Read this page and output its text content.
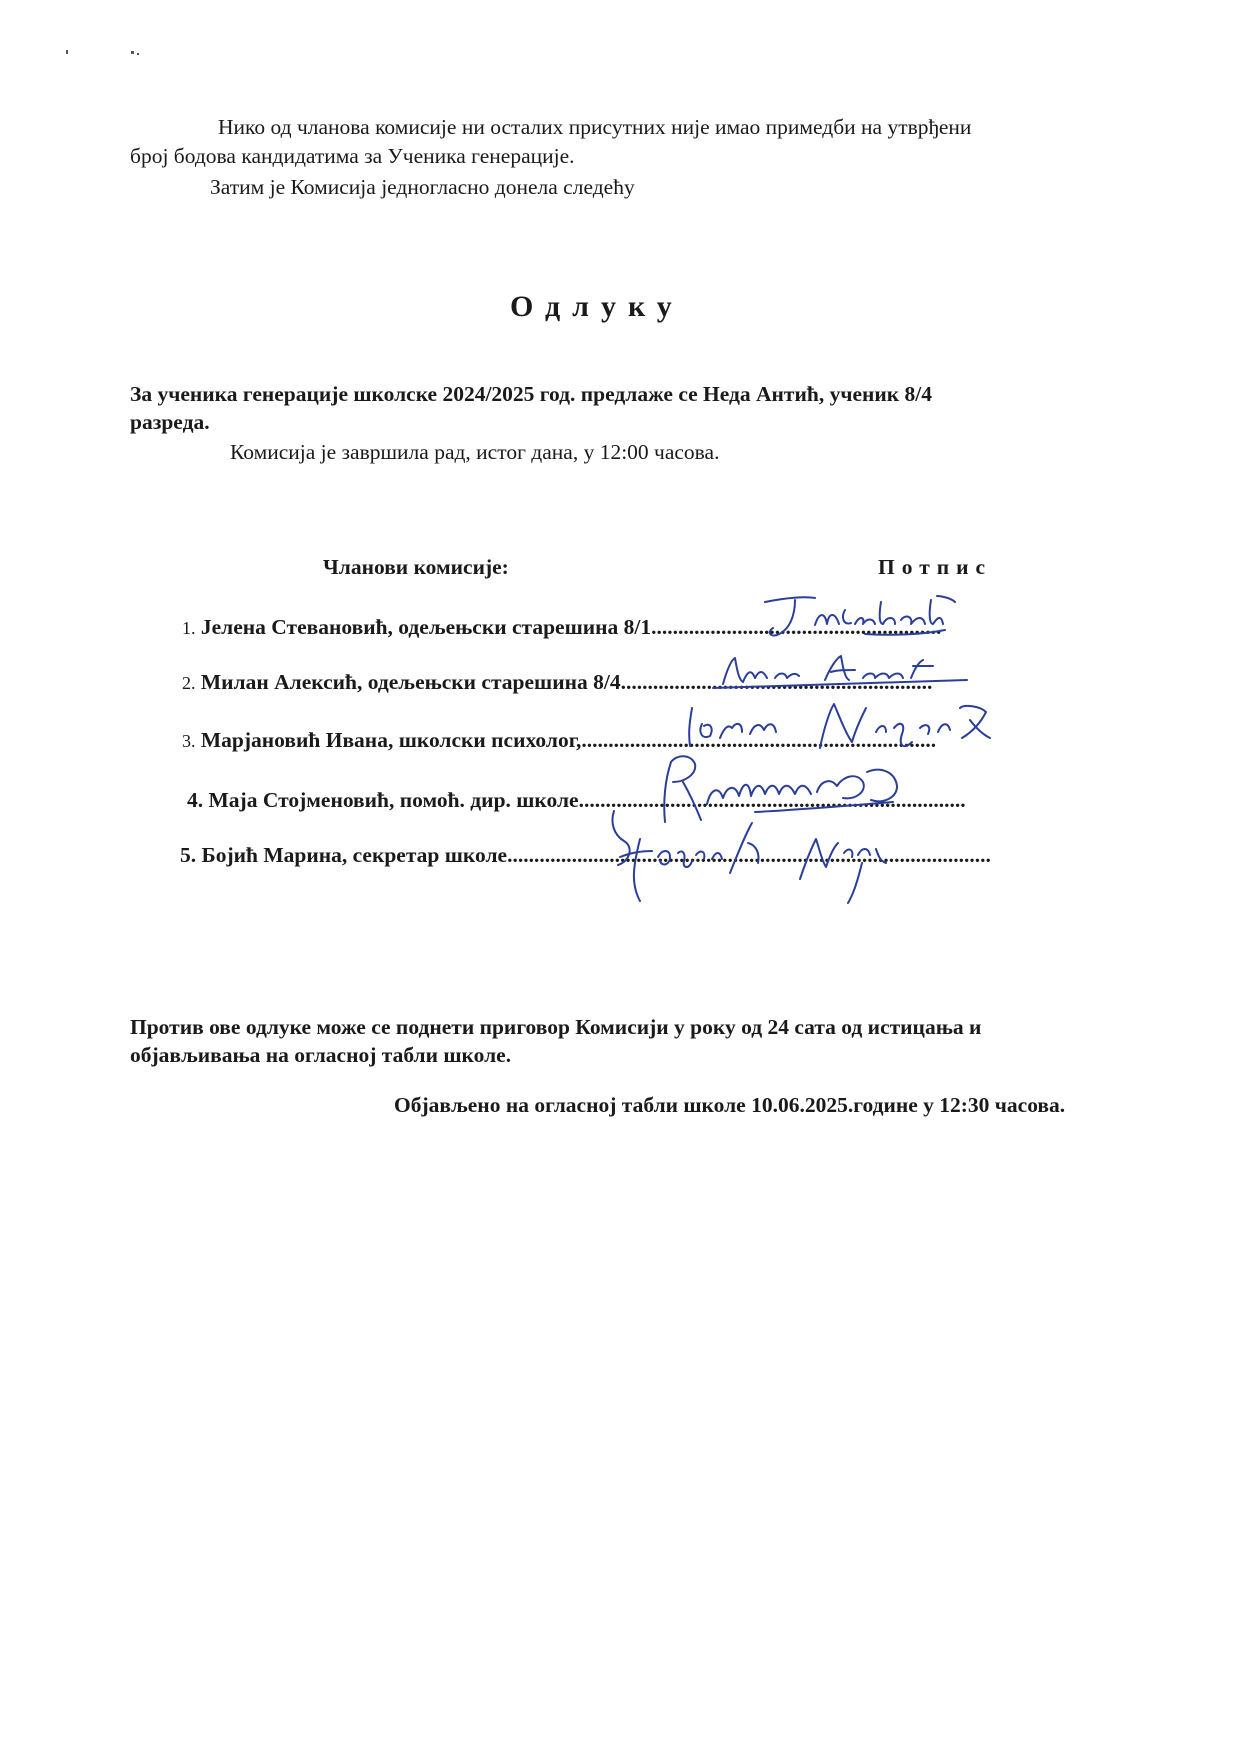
Нико од чланова комисије ни осталих присутних није имао примедби на утврђени
број бодова кандидатима за Ученика генерације.
Затим је Комисија једногласно донела следећу
Одлуку
За ученика генерације школске 2024/2025 год. предлаже се Неда Антић, ученик 8/4
разреда.
Комисија је завршила рад, истог дана, у 12:00 часова.
Чланови комисије:	Потпис
1. Јелена Стевановић, одељењски старешина 8/1......................................................
2. Милан Алексић, одељењски старешина 8/4..........................................................
3. Марјановић Ивана, школски психолог,..................................................................
4. Маја Стојменовић, помоћ. дир. школе........................................................................
5. Бојић Марина, секретар школе..........................................................................................
Против ове одлуке може се поднети приговор Комисији у року од 24 сата од истицања и
објављивања на огласној табли школе.
Објављено на огласној табли школе 10.06.2025.године у 12:30 часова.
